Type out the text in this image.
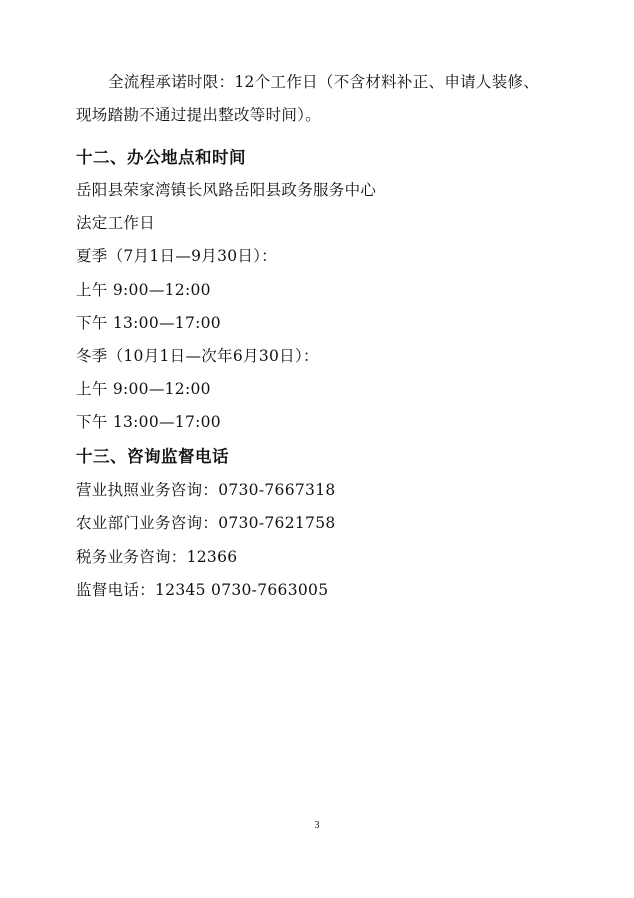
全流程承诺时限：12个工作日（不含材料补正、申请人装修、
现场踏勘不通过提出整改等时间）。
十二、办公地点和时间
岳阳县荣家湾镇长风路岳阳县政务服务中心
法定工作日
夏季（7月1日—9月30日）：
上午 9:00—12:00
下午 13:00—17:00
冬季（10月1日—次年6月30日）：
上午 9:00—12:00
下午 13:00—17:00
十三、咨询监督电话
营业执照业务咨询：0730-7667318
农业部门业务咨询：0730-7621758
税务业务咨询：12366
监督电话：12345 0730-7663005
3
